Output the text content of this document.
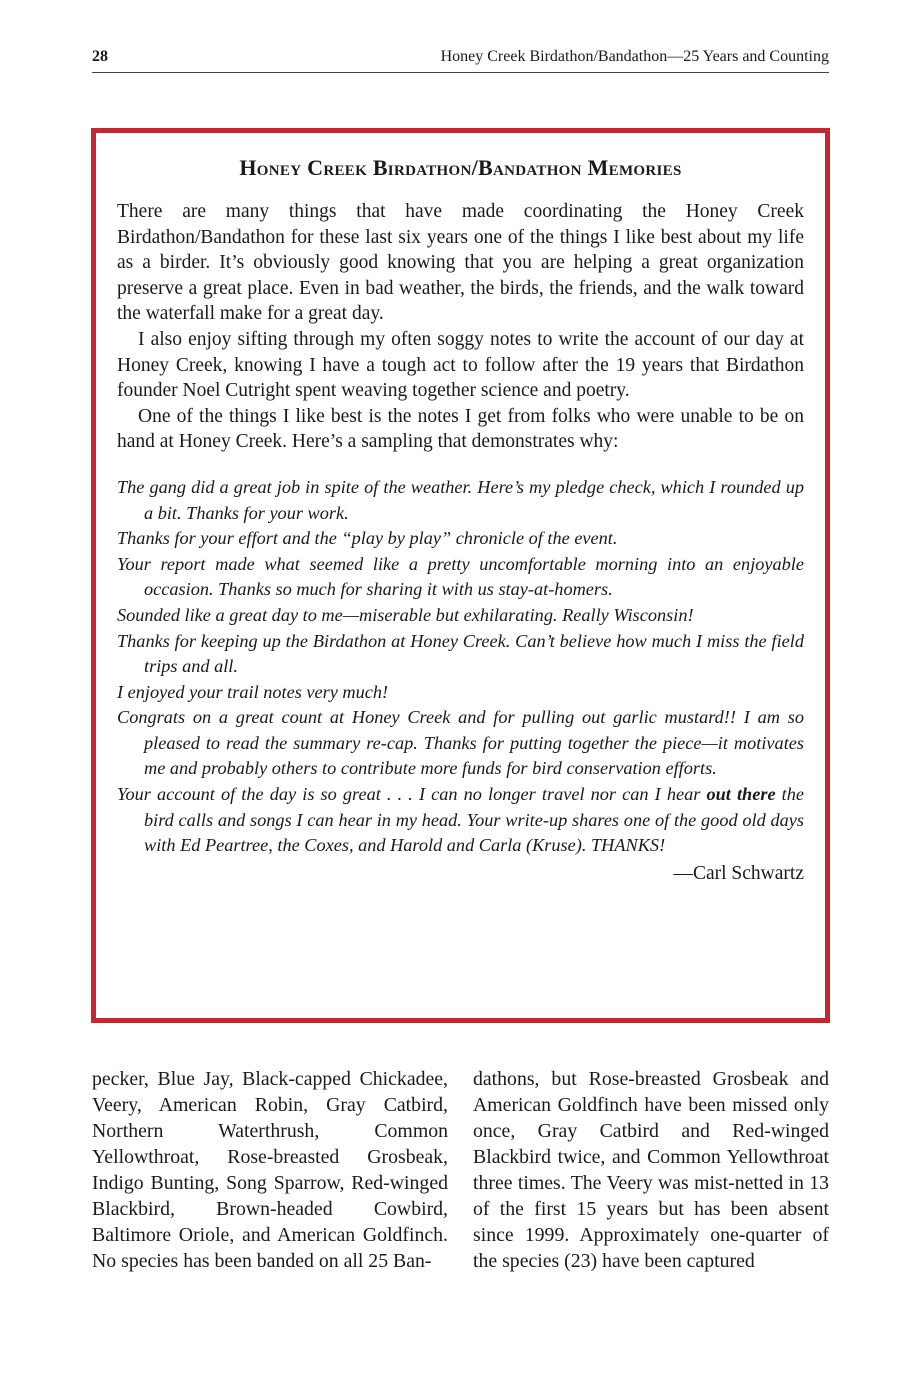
28	Honey Creek Birdathon/Bandathon—25 Years and Counting
Honey Creek Birdathon/Bandathon Memories

There are many things that have made coordinating the Honey Creek Birdathon/Bandathon for these last six years one of the things I like best about my life as a birder. It’s obviously good knowing that you are helping a great organization preserve a great place. Even in bad weather, the birds, the friends, and the walk toward the waterfall make for a great day.

I also enjoy sifting through my often soggy notes to write the account of our day at Honey Creek, knowing I have a tough act to follow after the 19 years that Birdathon founder Noel Cutright spent weaving together science and poetry.

One of the things I like best is the notes I get from folks who were unable to be on hand at Honey Creek. Here’s a sampling that demonstrates why:

The gang did a great job in spite of the weather. Here’s my pledge check, which I rounded up a bit. Thanks for your work.

Thanks for your effort and the “play by play” chronicle of the event.

Your report made what seemed like a pretty uncomfortable morning into an enjoyable occasion. Thanks so much for sharing it with us stay-at-homers.

Sounded like a great day to me—miserable but exhilarating. Really Wisconsin!

Thanks for keeping up the Birdathon at Honey Creek. Can’t believe how much I miss the field trips and all.

I enjoyed your trail notes very much!

Congrats on a great count at Honey Creek and for pulling out garlic mustard!! I am so pleased to read the summary re-cap. Thanks for putting together the piece—it motivates me and probably others to contribute more funds for bird conservation efforts.

Your account of the day is so great . . . I can no longer travel nor can I hear out there the bird calls and songs I can hear in my head. Your write-up shares one of the good old days with Ed Peartree, the Coxes, and Harold and Carla (Kruse). THANKS!

—Carl Schwartz
pecker, Blue Jay, Black-capped Chickadee, Veery, American Robin, Gray Catbird, Northern Waterthrush, Common Yellowthroat, Rose-breasted Grosbeak, Indigo Bunting, Song Sparrow, Red-winged Blackbird, Brown-headed Cowbird, Baltimore Oriole, and American Goldfinch. No species has been banded on all 25 Ban-
dathons, but Rose-breasted Grosbeak and American Goldfinch have been missed only once, Gray Catbird and Red-winged Blackbird twice, and Common Yellowthroat three times. The Veery was mist-netted in 13 of the first 15 years but has been absent since 1999. Approximately one-quarter of the species (23) have been captured
